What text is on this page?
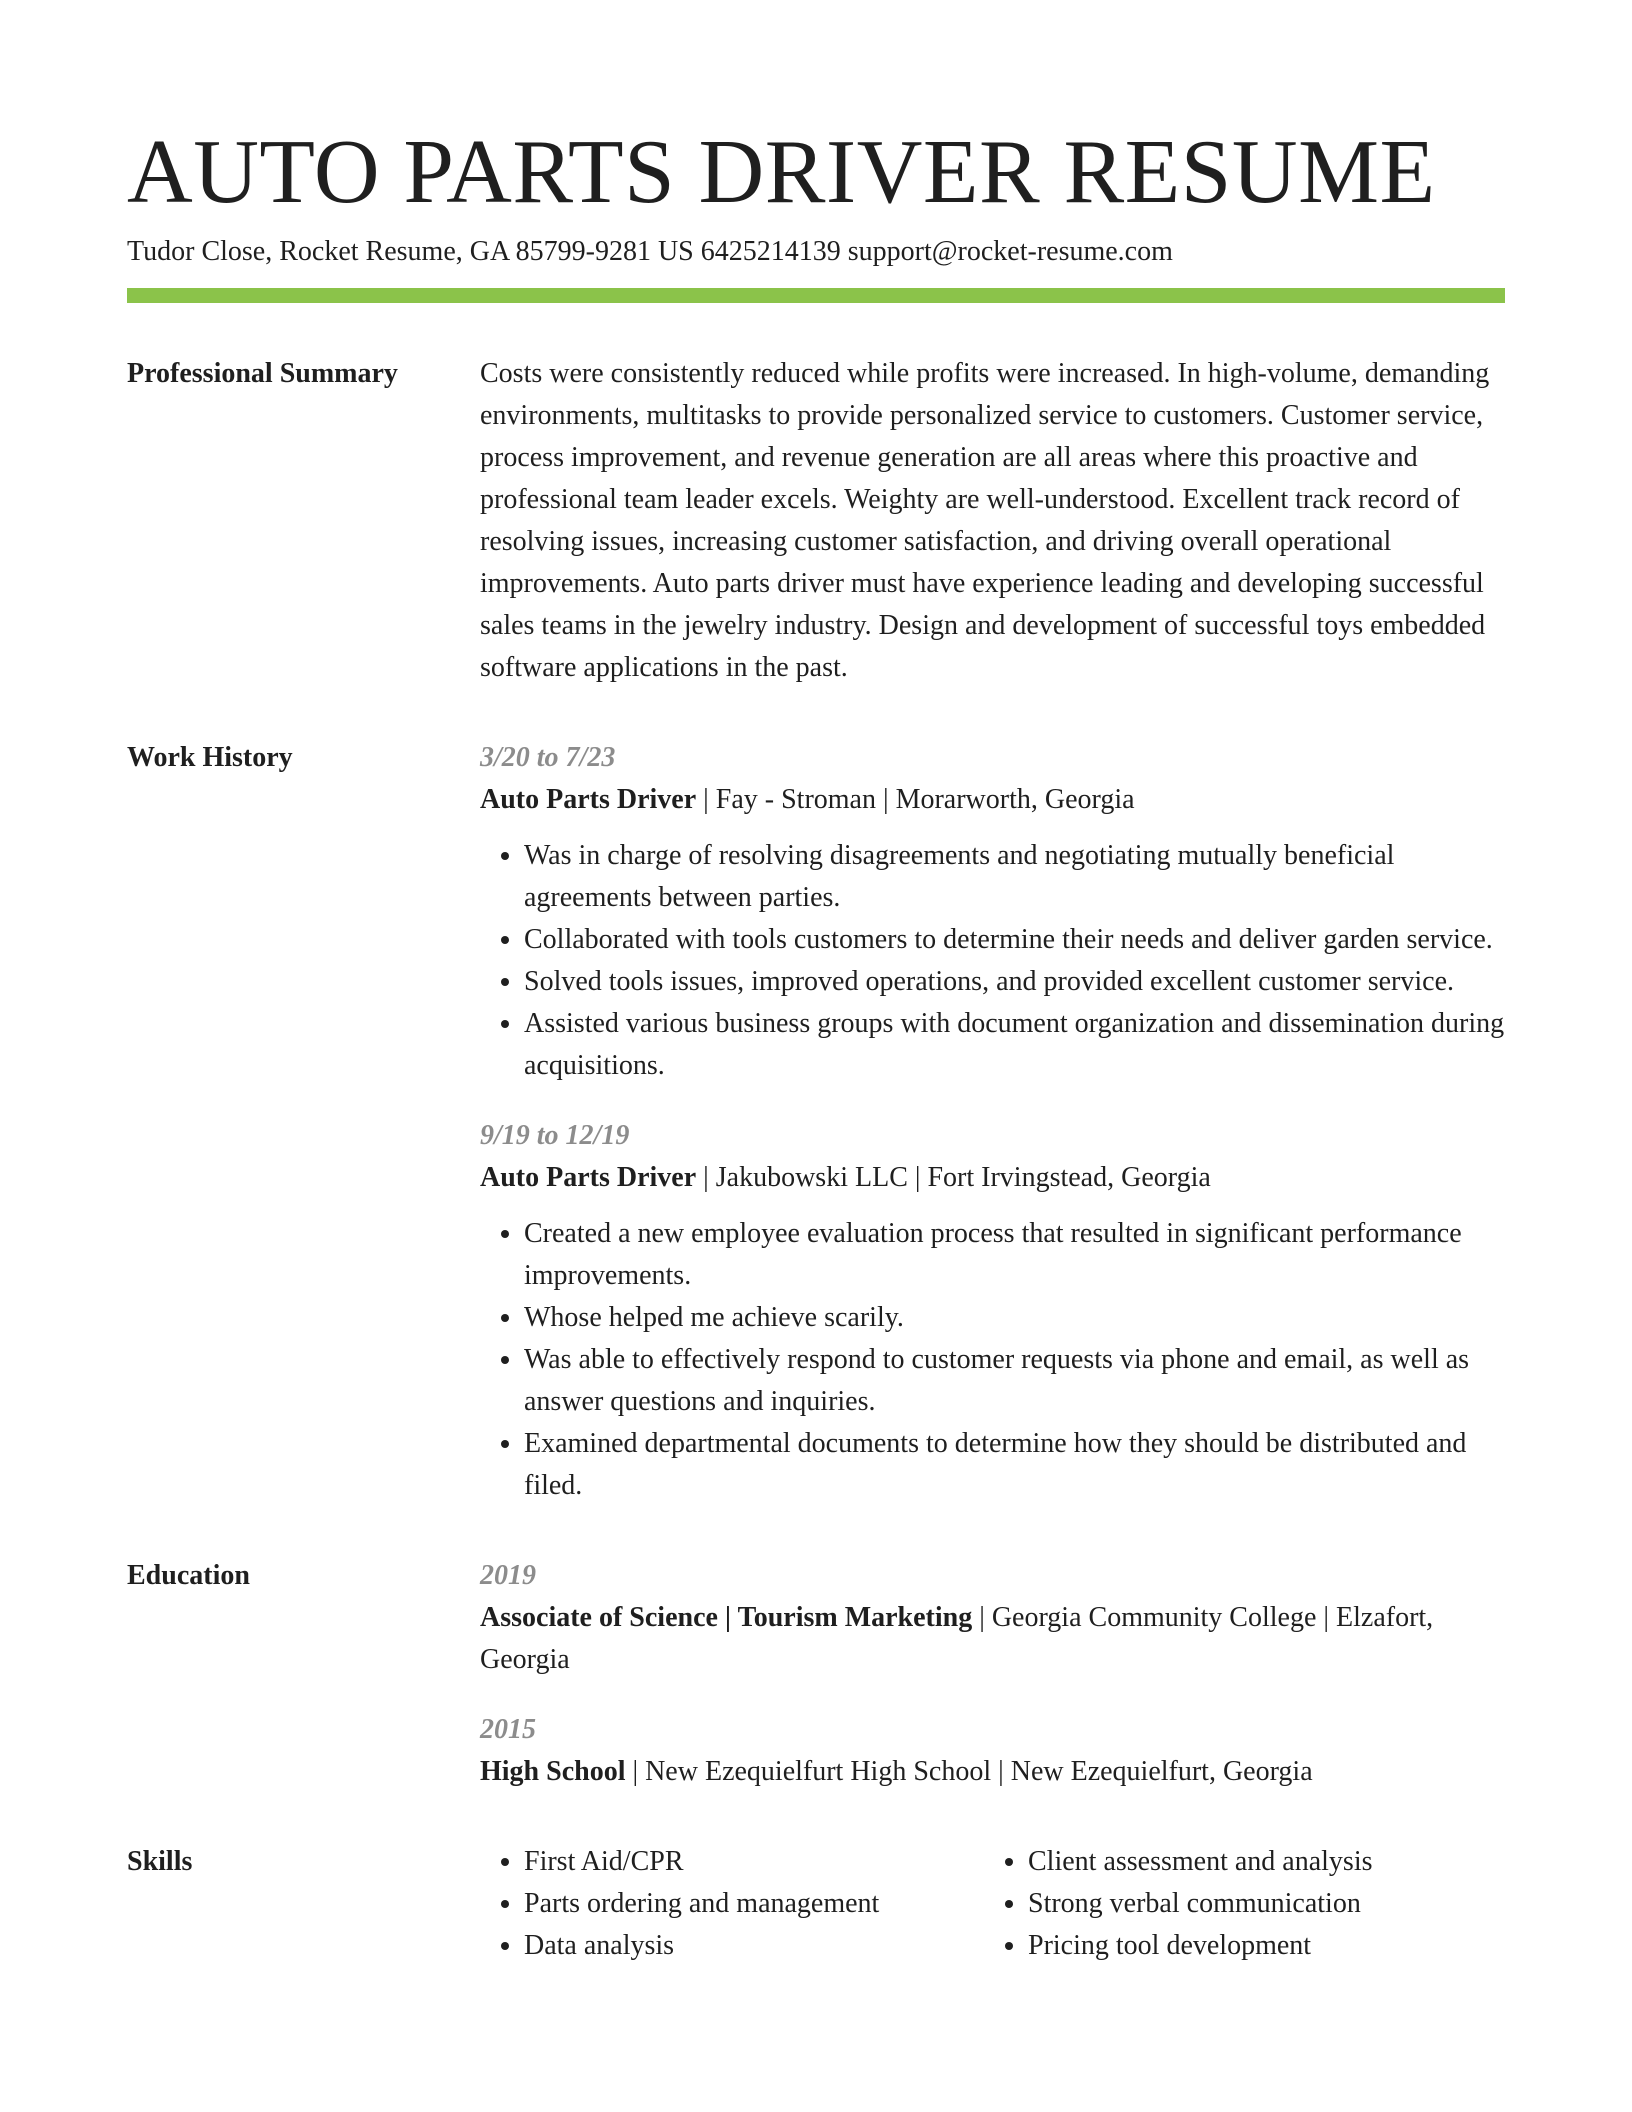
AUTO PARTS DRIVER RESUME
Tudor Close, Rocket Resume, GA 85799-9281 US 6425214139 support@rocket-resume.com
Professional Summary	Costs were consistently reduced while profits were increased. In high-volume, demanding environments, multitasks to provide personalized service to customers. Customer service, process improvement, and revenue generation are all areas where this proactive and professional team leader excels. Weighty are well-understood. Excellent track record of resolving issues, increasing customer satisfaction, and driving overall operational improvements. Auto parts driver must have experience leading and developing successful sales teams in the jewelry industry. Design and development of successful toys embedded software applications in the past.

Work History	3/20 to 7/23

Auto Parts Driver | Fay - Stroman | Morarworth, Georgia

• Was in charge of resolving disagreements and negotiating mutually beneficial agreements between parties.
• Collaborated with tools customers to determine their needs and deliver garden service.
• Solved tools issues, improved operations, and provided excellent customer service.
• Assisted various business groups with document organization and dissemination during acquisitions.
9/19 to 12/19

Auto Parts Driver | Jakubowski LLC | Fort Irvingstead, Georgia

• Created a new employee evaluation process that resulted in significant performance improvements.
• Whose helped me achieve scarily.
• Was able to effectively respond to customer requests via phone and email, as well as answer questions and inquiries.
• Examined departmental documents to determine how they should be distributed and filed.
Education	2019

Associate of Science | Tourism Marketing | Georgia Community College | Elzafort, Georgia

2015

High School | New Ezequielfurt High School | New Ezequielfurt, Georgia

Skills
•	First Aid/CPR
• Parts ordering and management
• Data analysis
• Client assessment and analysis
• Strong verbal communication
• Pricing tool development
